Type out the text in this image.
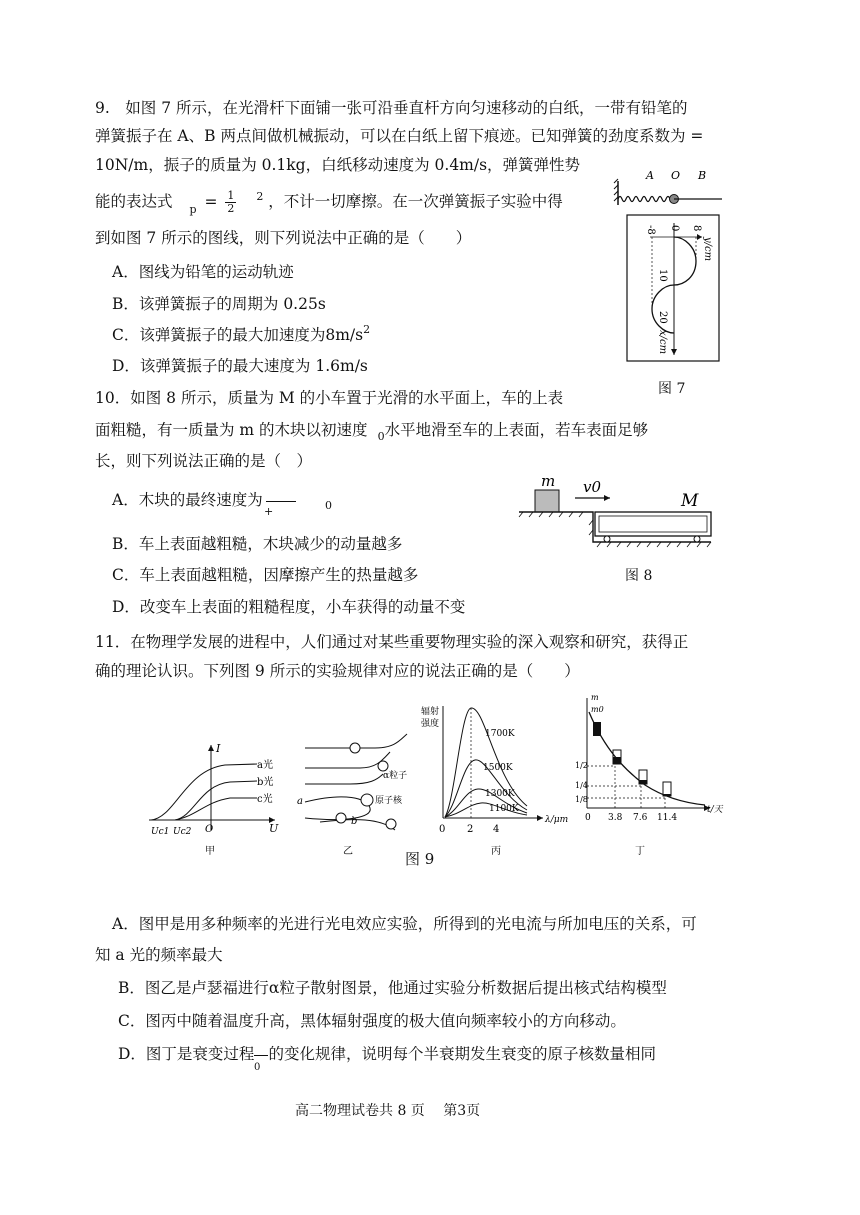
9.　如图 7 所示，在光滑杆下面铺一张可沿垂直杆方向匀速移动的白纸，一带有铅笔的
弹簧振子在 A、B 两点间做机械振动，可以在白纸上留下痕迹。已知弹簧的劲度系数为 =
10N/m，振子的质量为 0.1kg，白纸移动速度为 0.4m/s，弹簧弹性势
能的表达式 $_p = \frac{1}{2} ^2$ ，不计一切摩擦。在一次弹簧振子实验中得
到如图 7 所示的图线，则下列说法中正确的是（　　）
A．图线为铅笔的运动轨迹
B．该弹簧振子的周期为 0.25s
C．该弹簧振子的最大加速度为$8m/s^2$
D．该弹簧振子的最大速度为 1.6m/s
A O B
-8 0 8
y/cm
10
20
x/cm
图 7
10．如图 8 所示，质量为 M 的小车置于光滑的水平面上，车的上表
面粗糙，有一质量为 m 的木块以初速度 $_0$水平地滑至车的上表面，若车表面足够
长，则下列说法正确的是（　）
A．木块的最终速度为
+	0
B．车上表面越粗糙，木块减少的动量越多
C．车上表面越粗糙，因摩擦产生的热量越多
D．改变车上表面的粗糙程度，小车获得的动量不变
m v0
M
图 8
11．在物理学发展的进程中，人们通过对某些重要物理实验的深入观察和研究，获得正
确的理论认识。下列图 9 所示的实验规律对应的说法正确的是（　　）
I
U
O
a光
b光
c光
Uc1 Uc2
甲
α粒子
原子核
a
b
乙
辐射
强度
1700K
1500K
1300K
1100K
0 2 4
λ/μm
丙
m
m0
1/2
1/4
1/8
0 3.8 7.6 11.4
t/天
丁
图 9
A．图甲是用多种频率的光进行光电效应实验，所得到的光电流与所加电压的关系，可
知 a 光的频率最大
B．图乙是卢瑟福进行α粒子散射图景，他通过实验分析数据后提出核式结构模型
C．图丙中随着温度升高，黑体辐射强度的极大值向频率较小的方向移动。
D．图丁是衰变过程 的变化规律，说明每个半衰期发生衰变的原子核数量相同
0
高二物理试卷共 8 页　 第3页
